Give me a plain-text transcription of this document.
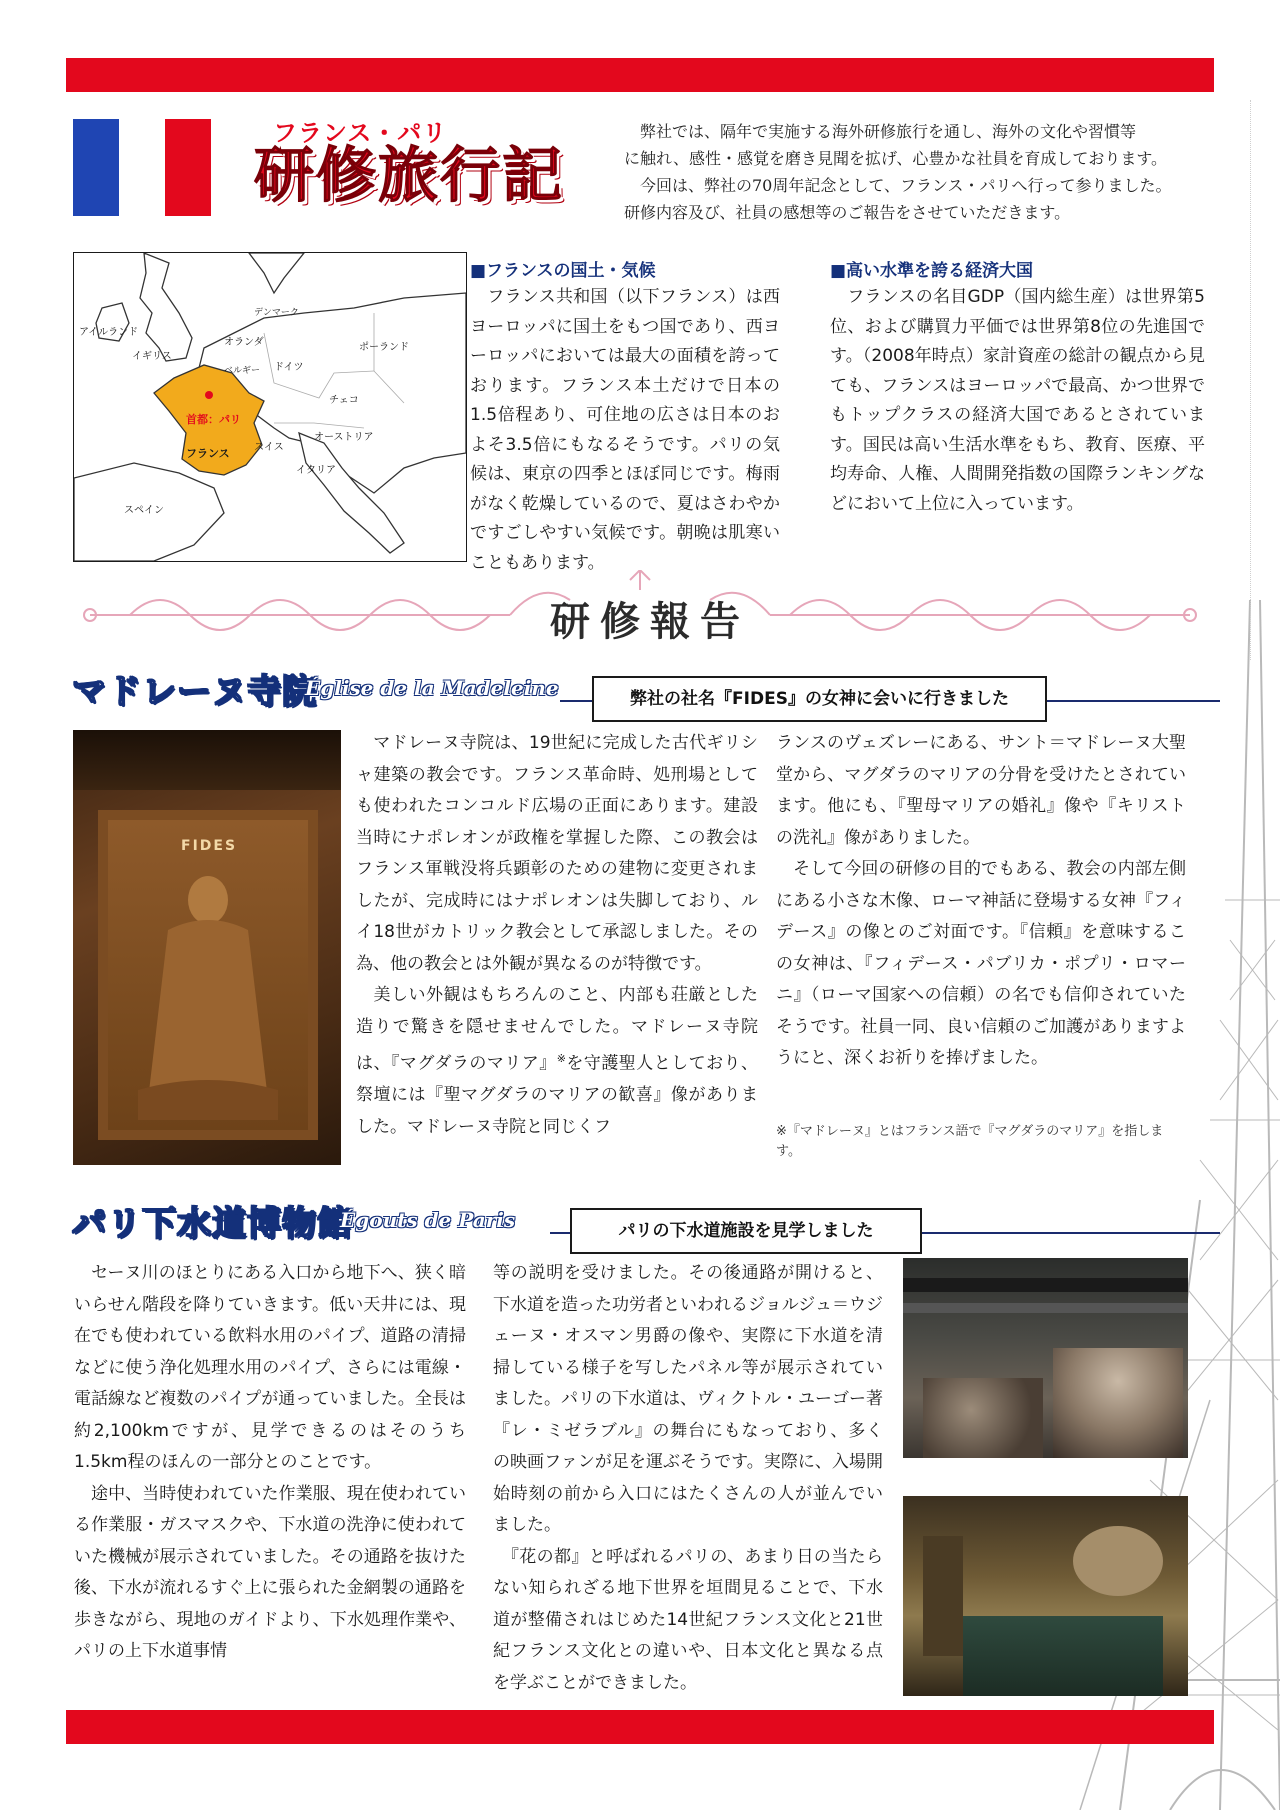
フランス・パリ
研修旅行記

弊社では、隔年で実施する海外研修旅行を通し、海外の文化や習慣等

に触れ、感性・感覚を磨き見聞を拡げ、心豊かな社員を育成しております。

今回は、弊社の70周年記念として、フランス・パリへ行って参りました。

研修内容及び、社員の感想等のご報告をさせていただきます。

アイルランド
イギリス
デンマーク
オランダ
ドイツ
ポーランド
ベルギー
チェコ
首都：パリ
オーストリア
スイス
フランス
イタリア
スペイン

■フランスの国土・気候

　フランス共和国（以下フランス）は西ヨーロッパに国土をもつ国であり、西ヨーロッパにおいては最大の面積を誇っております。フランス本土だけで日本の1.5倍程あり、可住地の広さは日本のおよそ3.5倍にもなるそうです。パリの気候は、東京の四季とほぼ同じです。梅雨がなく乾燥しているので、夏はさわやかですごしやすい気候です。朝晩は肌寒いこともあります。

■高い水準を誇る経済大国

　フランスの名目GDP（国内総生産）は世界第5位、および購買力平価では世界第8位の先進国です。（2008年時点）家計資産の総計の観点から見ても、フランスはヨーロッパで最高、かつ世界でもトップクラスの経済大国であるとされています。国民は高い生活水準をもち、教育、医療、平均寿命、人権、人間開発指数の国際ランキングなどにおいて上位に入っています。

研修報告
マドレーヌ寺院
Église de la Madeleine	弊社の社名『FIDES』の女神に会いに行きました
FIDES

　マドレーヌ寺院は、19世紀に完成した古代ギリシャ建築の教会です。フランス革命時、処刑場としても使われたコンコルド広場の正面にあります。建設当時にナポレオンが政権を掌握した際、この教会はフランス軍戦没将兵顕彰のための建物に変更されましたが、完成時にはナポレオンは失脚しており、ルイ18世がカトリック教会として承認しました。その為、他の教会とは外観が異なるのが特徴です。

　美しい外観はもちろんのこと、内部も荘厳とした造りで驚きを隠せませんでした。マドレーヌ寺院は、『マグダラのマリア』※を守護聖人としており、祭壇には『聖マグダラのマリアの歓喜』像がありました。マドレーヌ寺院と同じくフ

ランスのヴェズレーにある、サント＝マドレーヌ大聖堂から、マグダラのマリアの分骨を受けたとされています。他にも、『聖母マリアの婚礼』像や『キリストの洗礼』像がありました。

　そして今回の研修の目的でもある、教会の内部左側にある小さな木像、ローマ神話に登場する女神『フィデース』の像とのご対面です。『信頼』を意味するこの女神は、『フィデース・パブリカ・ポプリ・ロマーニ』（ローマ国家への信頼）の名でも信仰されていたそうです。社員一同、良い信頼のご加護がありますようにと、深くお祈りを捧げました。

※『マドレーヌ』とはフランス語で『マグダラのマリア』を指します。
パリ下水道博物館
Égouts de Paris	パリの下水道施設を見学しました

　セーヌ川のほとりにある入口から地下へ、狭く暗いらせん階段を降りていきます。低い天井には、現在でも使われている飲料水用のパイプ、道路の清掃などに使う浄化処理水用のパイプ、さらには電線・電話線など複数のパイプが通っていました。全長は約2,100kmですが、見学できるのはそのうち1.5km程のほんの一部分とのことです。

　途中、当時使われていた作業服、現在使われている作業服・ガスマスクや、下水道の洗浄に使われていた機械が展示されていました。その通路を抜けた後、下水が流れるすぐ上に張られた金網製の通路を歩きながら、現地のガイドより、下水処理作業や、パリの上下水道事情

等の説明を受けました。その後通路が開けると、下水道を造った功労者といわれるジョルジュ＝ウジェーヌ・オスマン男爵の像や、実際に下水道を清掃している様子を写したパネル等が展示されていました。パリの下水道は、ヴィクトル・ユーゴー著『レ・ミゼラブル』の舞台にもなっており、多くの映画ファンが足を運ぶそうです。実際に、入場開始時刻の前から入口にはたくさんの人が並んでいました。

　『花の都』と呼ばれるパリの、あまり日の当たらない知られざる地下世界を垣間見ることで、下水道が整備されはじめた14世紀フランス文化と21世紀フランス文化との違いや、日本文化と異なる点を学ぶことができました。
